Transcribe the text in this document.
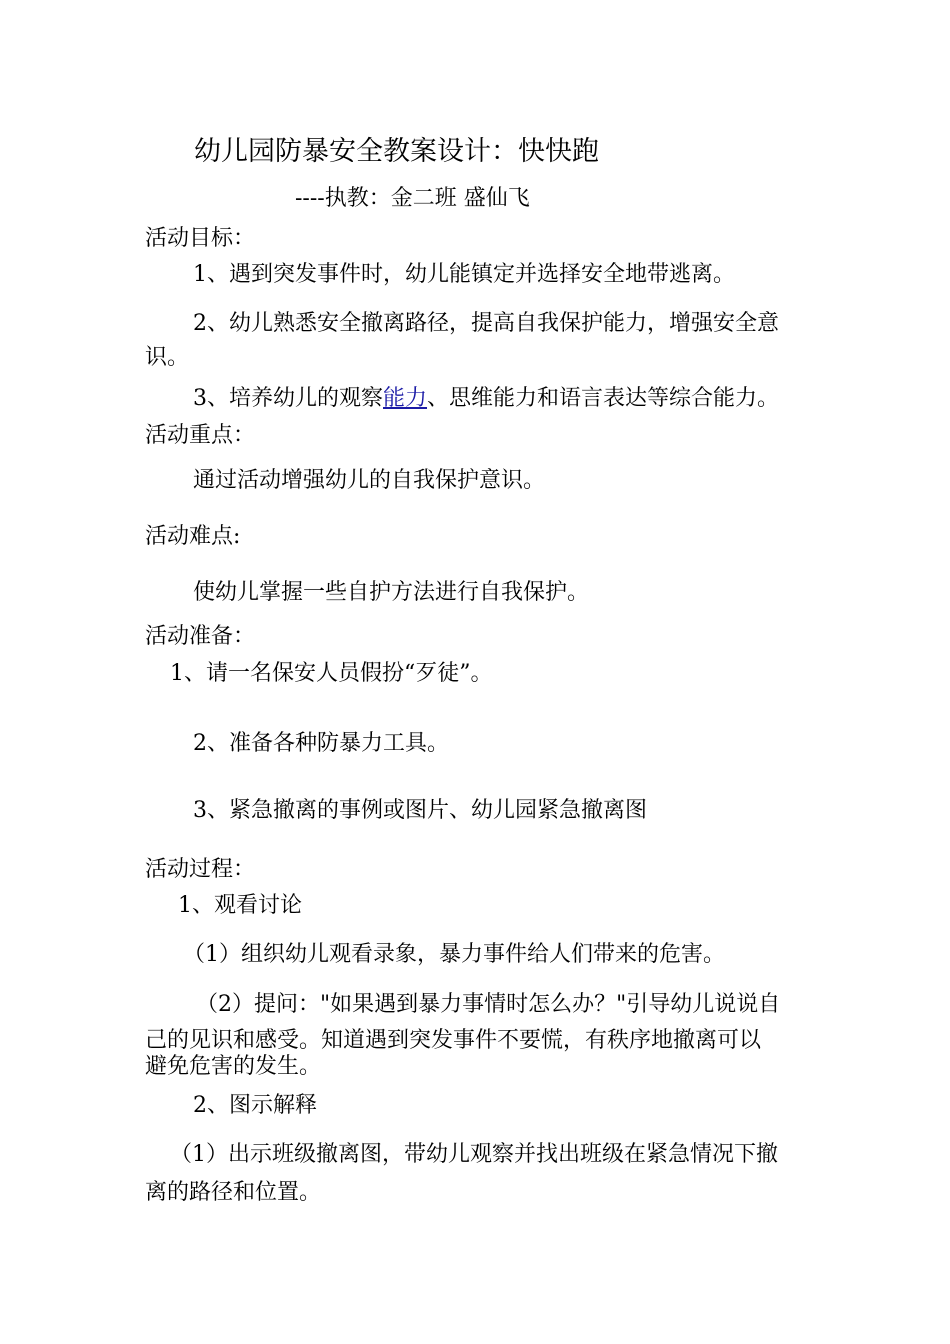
幼儿园防暴安全教案设计：快快跑
----执教：金二班 盛仙飞
活动目标：
1、遇到突发事件时，幼儿能镇定并选择安全地带逃离。
2、幼儿熟悉安全撤离路径，提高自我保护能力，增强安全意
识。
3、培养幼儿的观察能力、思维能力和语言表达等综合能力。
活动重点：
通过活动增强幼儿的自我保护意识。
活动难点:
使幼儿掌握一些自护方法进行自我保护。
活动准备：
1、请一名保安人员假扮“歹徒”。
2、准备各种防暴力工具。
3、紧急撤离的事例或图片、幼儿园紧急撤离图
活动过程：
1、观看讨论
（1）组织幼儿观看录象，暴力事件给人们带来的危害。
（2）提问："如果遇到暴力事情时怎么办？"引导幼儿说说自
己的见识和感受。知道遇到突发事件不要慌，有秩序地撤离可以
避免危害的发生。
2、图示解释
（1）出示班级撤离图，带幼儿观察并找出班级在紧急情况下撤
离的路径和位置。
